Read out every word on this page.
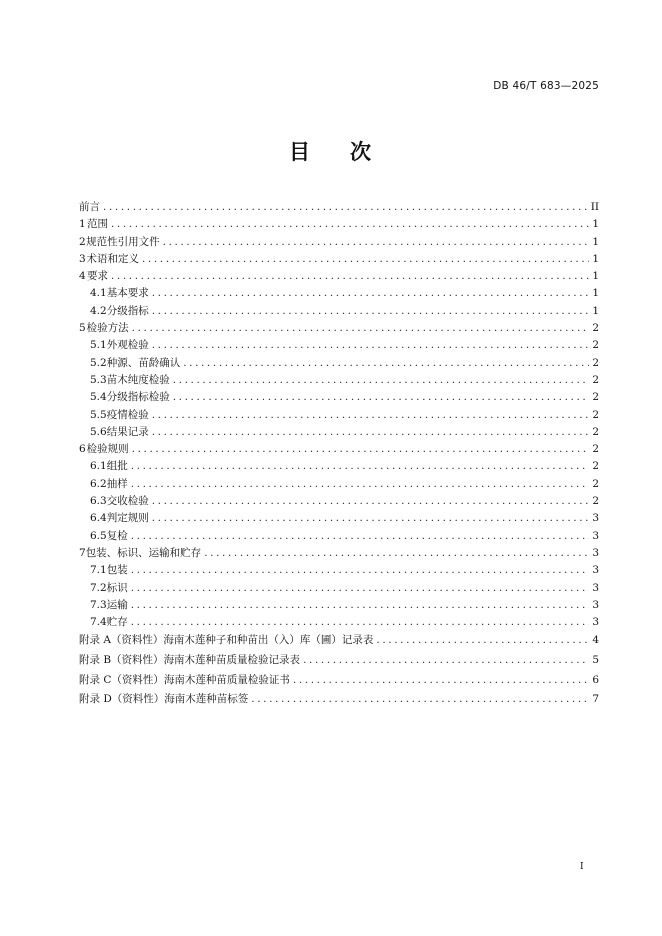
DB 46/T 683—2025
目 次
前言 .....	II
1 范围 .....	1
2 规范性引用文件 .....	1
3 术语和定义 .....	1
4 要求 .....	1
4.1 基本要求 .....	1
4.2 分级指标 .....	1
5 检验方法 .....	2
5.1 外观检验 .....	2
5.2 种源、苗龄确认 .....	2
5.3 苗木纯度检验 .....	2
5.4 分级指标检验 .....	2
5.5 疫情检验 .....	2
5.6 结果记录 .....	2
6 检验规则 .....	2
6.1 组批 .....	2
6.2 抽样 .....	2
6.3 交收检验 .....	2
6.4 判定规则 .....	3
6.5 复检 .....	3
7 包装、标识、运输和贮存 .....	3
7.1 包装 .....	3
7.2 标识 .....	3
7.3 运输 .....	3
7.4 贮存 .....	3
附录 A（资料性） 海南木莲种子和种苗出（入）库（圃）记录表 .....	4
附录 B（资料性） 海南木莲种苗质量检验记录表 .....	5
附录 C（资料性） 海南木莲种苗质量检验证书 .....	6
附录 D（资料性） 海南木莲种苗标签 .....	7
I
